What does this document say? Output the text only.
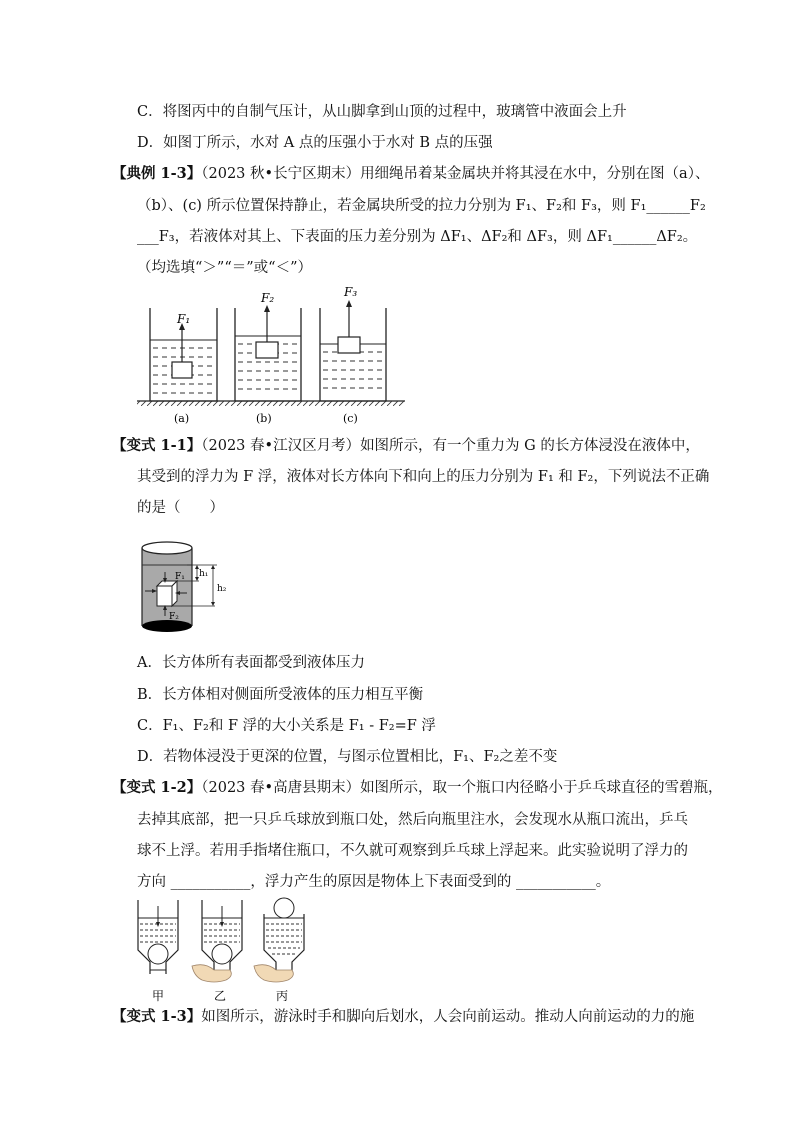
C．将图丙中的自制气压计，从山脚拿到山顶的过程中，玻璃管中液面会上升
D．如图丁所示，水对 A 点的压强小于水对 B 点的压强
【典例 1-3】（2023 秋•长宁区期末）用细绳吊着某金属块并将其浸在水中，分别在图（a）、
（b）、(c) 所示位置保持静止，若金属块所受的拉力分别为 F₁、F₂和 F₃，则 F₁______F₂
___F₃，若液体对其上、下表面的压力差分别为 ΔF₁、ΔF₂和 ΔF₃，则 ΔF₁______ΔF₂。
（均选填“＞”“＝”或“＜”）
F₁
F₂	F₃
(a)	(b)	(c)
【变式 1-1】（2023 春•江汉区月考）如图所示，有一个重力为 G 的长方体浸没在液体中，
其受到的浮力为 F 浮，液体对长方体向下和向上的压力分别为 F₁ 和 F₂，下列说法不正确
的是（　　）
F₁
F₂
h₁
h₂
A．长方体所有表面都受到液体压力
B．长方体相对侧面所受液体的压力相互平衡
C．F₁、F₂和 F 浮的大小关系是 F₁ - F₂=F 浮
D．若物体浸没于更深的位置，与图示位置相比，F₁、F₂之差不变
【变式 1-2】（2023 春•高唐县期末）如图所示，取一个瓶口内径略小于乒乓球直径的雪碧瓶，
去掉其底部，把一只乒乓球放到瓶口处，然后向瓶里注水，会发现水从瓶口流出，乒乓
球不上浮。若用手指堵住瓶口，不久就可观察到乒乓球上浮起来。此实验说明了浮力的
方向 ___________，浮力产生的原因是物体上下表面受到的 ___________。
甲	乙	丙
【变式 1-3】如图所示，游泳时手和脚向后划水，人会向前运动。推动人向前运动的力的施
